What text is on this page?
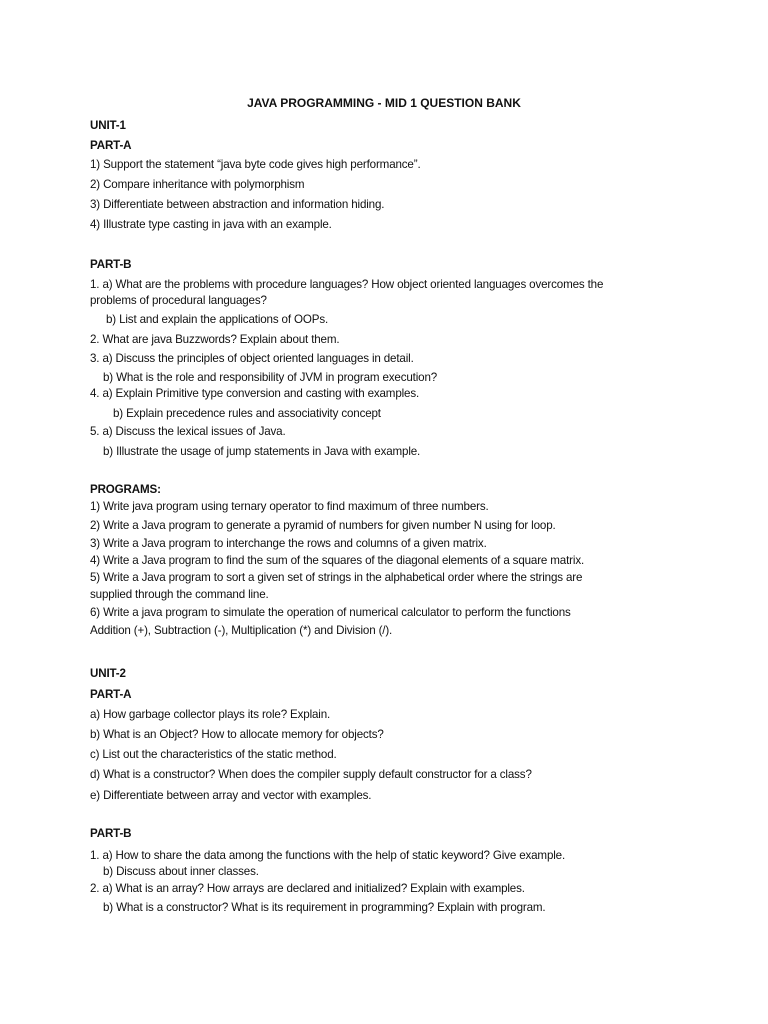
JAVA PROGRAMMING - MID 1 QUESTION BANK
UNIT-1
PART-A
1) Support the statement “java byte code gives high performance”.
2) Compare inheritance with polymorphism
3) Differentiate between abstraction and information hiding.
4) Illustrate type casting in java with an example.
PART-B
1. a) What are the problems with procedure languages? How object oriented languages overcomes the
problems of procedural languages?
b) List and explain the applications of OOPs.
2. What are java Buzzwords? Explain about them.
3. a) Discuss the principles of object oriented languages in detail.
b) What is the role and responsibility of JVM in program execution?
4. a) Explain Primitive type conversion and casting with examples.
b) Explain precedence rules and associativity concept
5. a) Discuss the lexical issues of Java.
b) Illustrate the usage of jump statements in Java with example.
PROGRAMS:
1) Write java program using ternary operator to find maximum of three numbers.
2) Write a Java program to generate a pyramid of numbers for given number N using for loop.
3) Write a Java program to interchange the rows and columns of a given matrix.
4) Write a Java program to find the sum of the squares of the diagonal elements of a square matrix.
5) Write a Java program to sort a given set of strings in the alphabetical order where the strings are
supplied through the command line.
6) Write a java program to simulate the operation of numerical calculator to perform the functions
Addition (+), Subtraction (-), Multiplication (*) and Division (/).
UNIT-2
PART-A
a) How garbage collector plays its role? Explain.
b) What is an Object? How to allocate memory for objects?
c) List out the characteristics of the static method.
d) What is a constructor? When does the compiler supply default constructor for a class?
e) Differentiate between array and vector with examples.
PART-B
1. a) How to share the data among the functions with the help of static keyword? Give example.
b) Discuss about inner classes.
2. a) What is an array? How arrays are declared and initialized? Explain with examples.
b) What is a constructor? What is its requirement in programming? Explain with program.
